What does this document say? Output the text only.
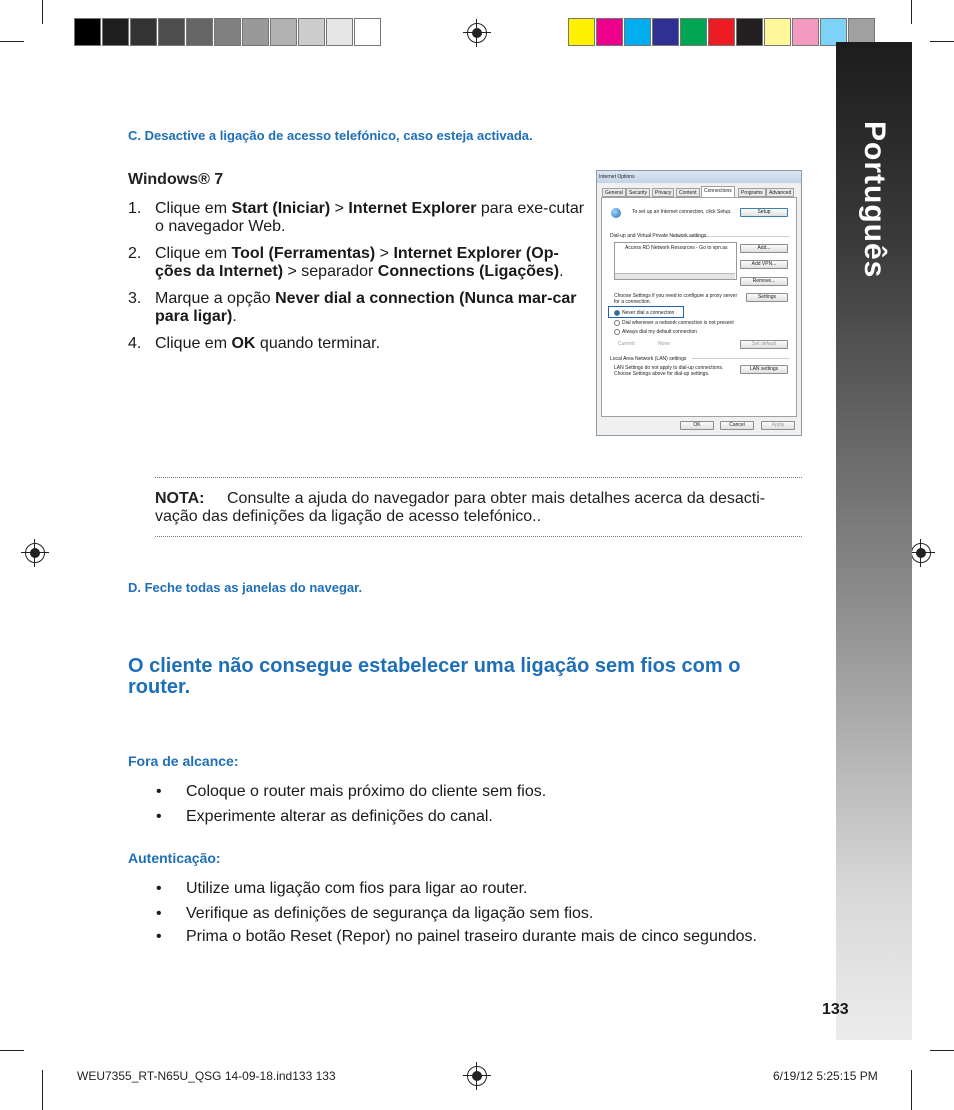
Português
C. Desactive a ligação de acesso telefónico, caso esteja activada.
Windows® 7
1. Clique em Start (Iniciar) > Internet Explorer para exe-cutar o navegador Web.
2. Clique em Tool (Ferramentas) > Internet Explorer (Op-ções da Internet) > separador Connections (Ligações).
3. Marque a opção Never dial a connection (Nunca mar-car para ligar).
4. Clique em OK quando terminar.
Internet Options
General	Security	Privacy	Content	Connections	Programs	Advanced
To set up an Internet connection, click Setup.	Setup
Dial-up and Virtual Private Network settings
Access RD Network Resources - Go to vpn.as	Add...
Add VPN...
Remove...
Choose Settings if you need to configure a proxy server for a connection.
Settings
Never dial a connection
Dial whenever a network connection is not present
Always dial my default connection
Current	None	Set default
Local Area Network (LAN) settings
LAN Settings do not apply to dial-up connections. Choose Settings above for dial-up settings.
LAN settings
OK	Cancel	Apply
NOTA: Consulte a ajuda do navegador para obter mais detalhes acerca da desacti-vação das definições da ligação de acesso telefónico..
D. Feche todas as janelas do navegar.
O cliente não consegue estabelecer uma ligação sem fios com o router.
Fora de alcance:
• Coloque o router mais próximo do cliente sem fios.
• Experimente alterar as definições do canal.
Autenticação:
• Utilize uma ligação com fios para ligar ao router.
• Verifique as definições de segurança da ligação sem fios.
• Prima o botão Reset (Repor) no painel traseiro durante mais de cinco segundos.
133
WEU7355_RT-N65U_QSG 14-09-18.ind133 133	6/19/12 5:25:15 PM
